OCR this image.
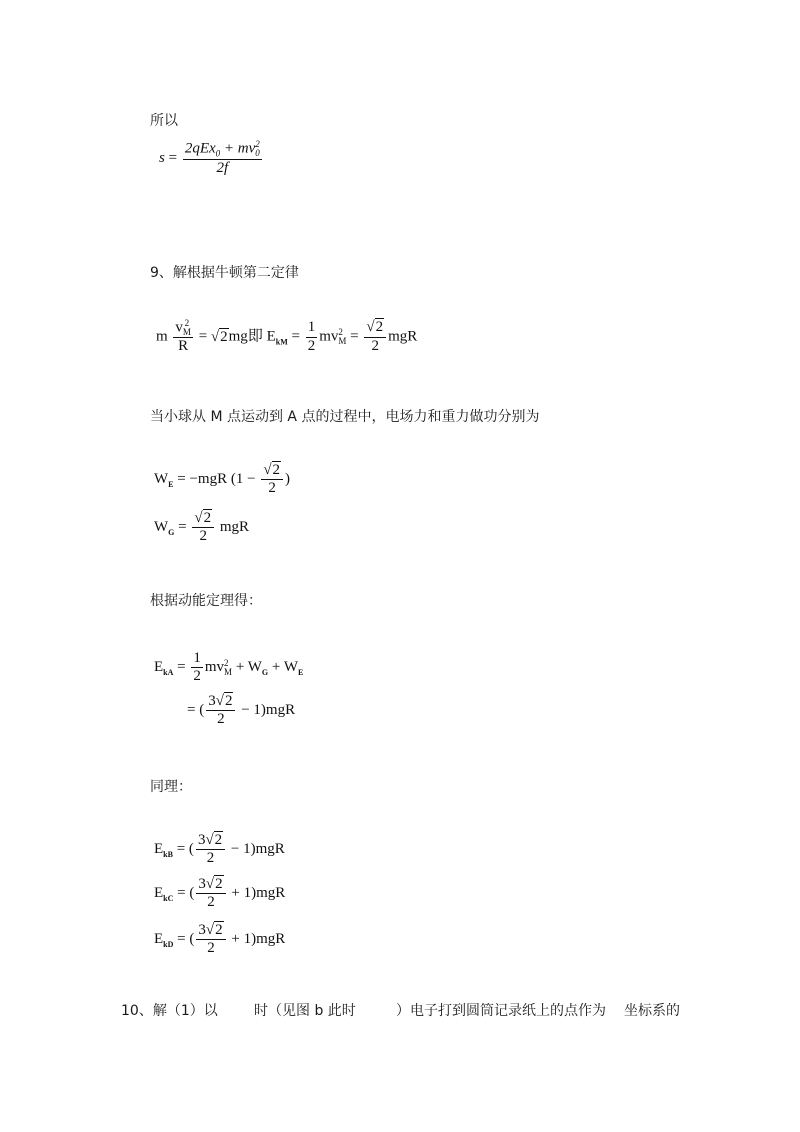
所以
s = 2qEx$_0$ + mv 2
0
2f
9、解根据牛顿第二定律
m v 2
M
R = √2mg即 $E_{kM} = \frac{1}{2}$ mv 2
$M = \frac{√2}{2}$ mgR
当小球从 M 点运动到 A 点的过程中，电场力和重力做功分别为
$W_E = -mgR$ ($1 - \frac{√2}{2}$ )
$W_G = \frac{√2}{2}$ mgR
根据动能定理得：
$E_{kA} = \frac{1}{2}$ mv 2
$M + W_G + W_E$
= ( $\frac{3√2}{2} - 1)mgR$
同理：
$E_{kB}$ = ( $\frac{3√2}{2} - 1)mgR$
$E_{kC}$ = ( $\frac{3√2}{2} + 1)mgR$
$E_{kD}$ = ( $\frac{3√2}{2} + 1)mgR$
10、解（1）以	时（见图 b 此时	）电子打到圆筒记录纸上的点作为 坐标系的
